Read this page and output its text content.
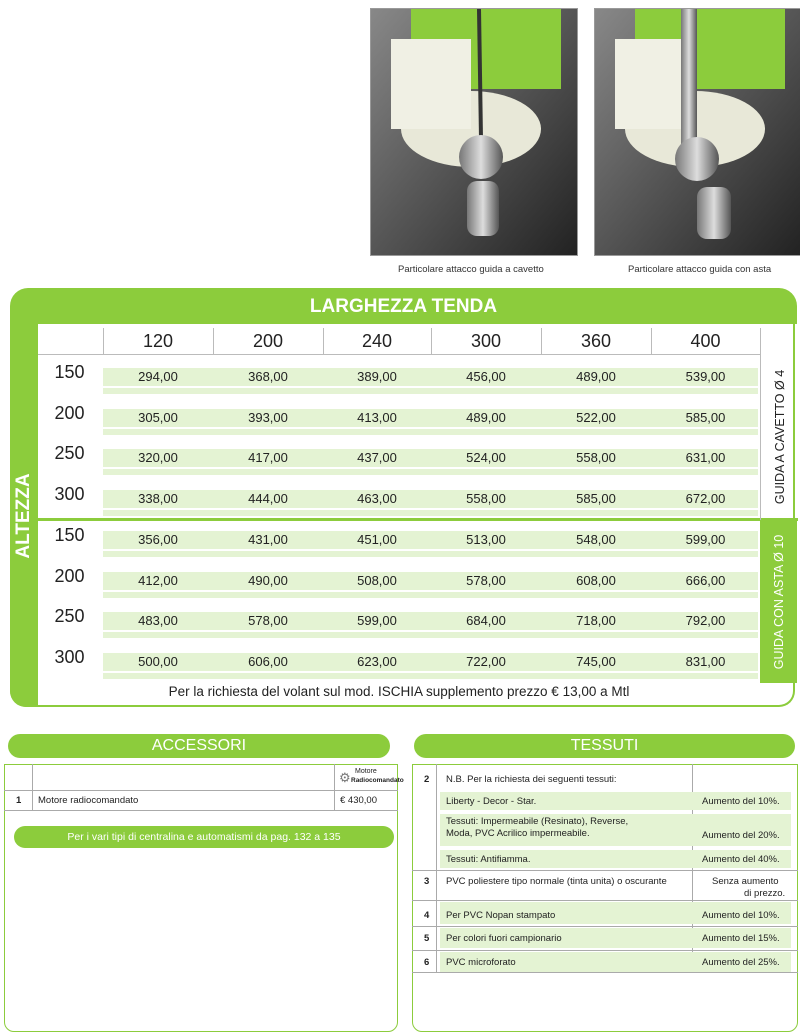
Particolare attacco guida a cavetto	Particolare attacco guida con asta
LARGHEZZA TENDA
ALTEZZA
120	200	240	300	360	400
150	294,00	368,00	389,00	456,00	489,00	539,00
200	305,00	393,00	413,00	489,00	522,00	585,00
250	320,00	417,00	437,00	524,00	558,00	631,00
300	338,00	444,00	463,00	558,00	585,00	672,00
150	356,00	431,00	451,00	513,00	548,00	599,00
200	412,00	490,00	508,00	578,00	608,00	666,00
250	483,00	578,00	599,00	684,00	718,00	792,00
300	500,00	606,00	623,00	722,00	745,00	831,00
GUIDA A CAVETTO Ø 4
GUIDA CON ASTA Ø 10
Per la richiesta del volant sul mod. ISCHIA supplemento prezzo € 13,00 a Mtl
ACCESSORI
⚙ Motore
Radiocomandato
1 Motore radiocomandato	€ 430,00
Per i vari tipi di centralina e automatismi da pag. 132 a 135
TESSUTI
2 N.B. Per la richiesta dei seguenti tessuti:
Liberty - Decor - Star.	Aumento del 10%.
Tessuti: Impermeabile (Resinato), Reverse,
Moda, PVC Acrilico impermeabile.	Aumento del 20%.
Tessuti: Antifiamma.	Aumento del 40%.
3 PVC poliestere tipo normale (tinta unita) o oscurante	Senza aumento
di prezzo.
4 Per PVC Nopan stampato	Aumento del 10%.
5 Per colori fuori campionario	Aumento del 15%.
6 PVC microforato	Aumento del 25%.
